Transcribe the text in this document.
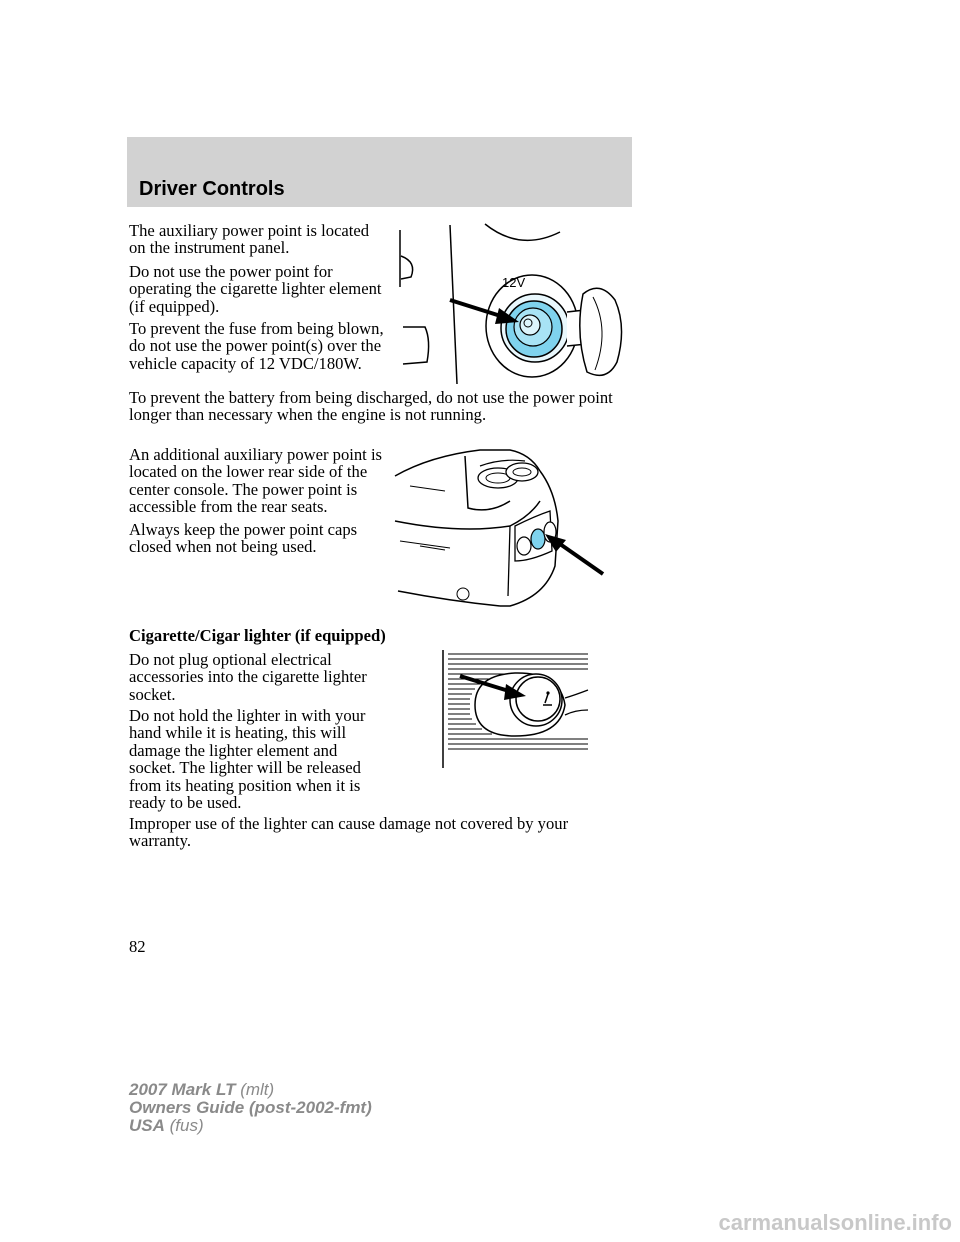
Driver Controls

The auxiliary power point is located on the instrument panel.

Do not use the power point for operating the cigarette lighter element (if equipped).

To prevent the fuse from being blown, do not use the power point(s) over the vehicle capacity of 12 VDC/180W.

To prevent the battery from being discharged, do not use the power point longer than necessary when the engine is not running.

An additional auxiliary power point is located on the lower rear side of the center console. The power point is accessible from the rear seats.

Always keep the power point caps closed when not being used.

Cigarette/Cigar lighter (if equipped)

Do not plug optional electrical accessories into the cigarette lighter socket.

Do not hold the lighter in with your hand while it is heating, this will damage the lighter element and socket. The lighter will be released from its heating position when it is ready to be used.

Improper use of the lighter can cause damage not covered by your warranty.

12V
82
2007 Mark LT (mlt)
Owners Guide (post-2002-fmt)
USA (fus)
carmanualsonline.info
